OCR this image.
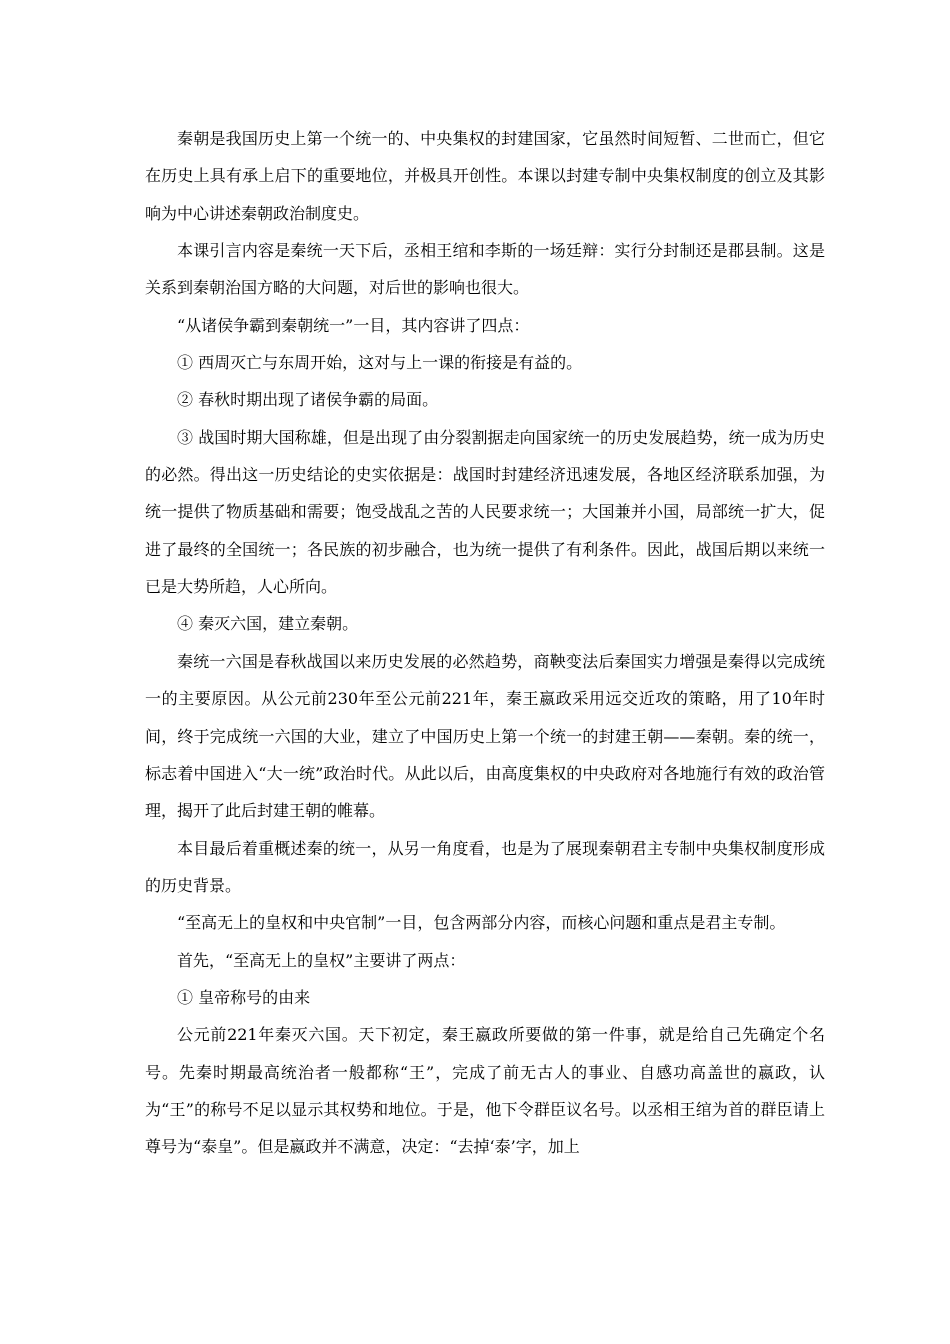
秦朝是我国历史上第一个统一的、中央集权的封建国家，它虽然时间短暂、二世而亡，但它在历史上具有承上启下的重要地位，并极具开创性。本课以封建专制中央集权制度的创立及其影响为中心讲述秦朝政治制度史。

本课引言内容是秦统一天下后，丞相王绾和李斯的一场廷辩：实行分封制还是郡县制。这是关系到秦朝治国方略的大问题，对后世的影响也很大。

“从诸侯争霸到秦朝统一”一目，其内容讲了四点：

① 西周灭亡与东周开始，这对与上一课的衔接是有益的。

② 春秋时期出现了诸侯争霸的局面。

③ 战国时期大国称雄，但是出现了由分裂割据走向国家统一的历史发展趋势，统一成为历史的必然。得出这一历史结论的史实依据是：战国时封建经济迅速发展，各地区经济联系加强，为统一提供了物质基础和需要；饱受战乱之苦的人民要求统一；大国兼并小国，局部统一扩大，促进了最终的全国统一；各民族的初步融合，也为统一提供了有利条件。因此，战国后期以来统一已是大势所趋，人心所向。

④ 秦灭六国，建立秦朝。

秦统一六国是春秋战国以来历史发展的必然趋势，商鞅变法后秦国实力增强是秦得以完成统一的主要原因。从公元前230年至公元前221年，秦王嬴政采用远交近攻的策略，用了10年时间，终于完成统一六国的大业，建立了中国历史上第一个统一的封建王朝——秦朝。秦的统一，标志着中国进入“大一统”政治时代。从此以后，由高度集权的中央政府对各地施行有效的政治管理，揭开了此后封建王朝的帷幕。

本目最后着重概述秦的统一，从另一角度看，也是为了展现秦朝君主专制中央集权制度形成的历史背景。

“至高无上的皇权和中央官制”一目，包含两部分内容，而核心问题和重点是君主专制。

首先，“至高无上的皇权”主要讲了两点：

① 皇帝称号的由来

公元前221年秦灭六国。天下初定，秦王嬴政所要做的第一件事，就是给自己先确定个名号。先秦时期最高统治者一般都称“王”，完成了前无古人的事业、自感功高盖世的嬴政，认为“王”的称号不足以显示其权势和地位。于是，他下令群臣议名号。以丞相王绾为首的群臣请上尊号为“泰皇”。但是嬴政并不满意，决定：“去掉‘泰’字，加上
